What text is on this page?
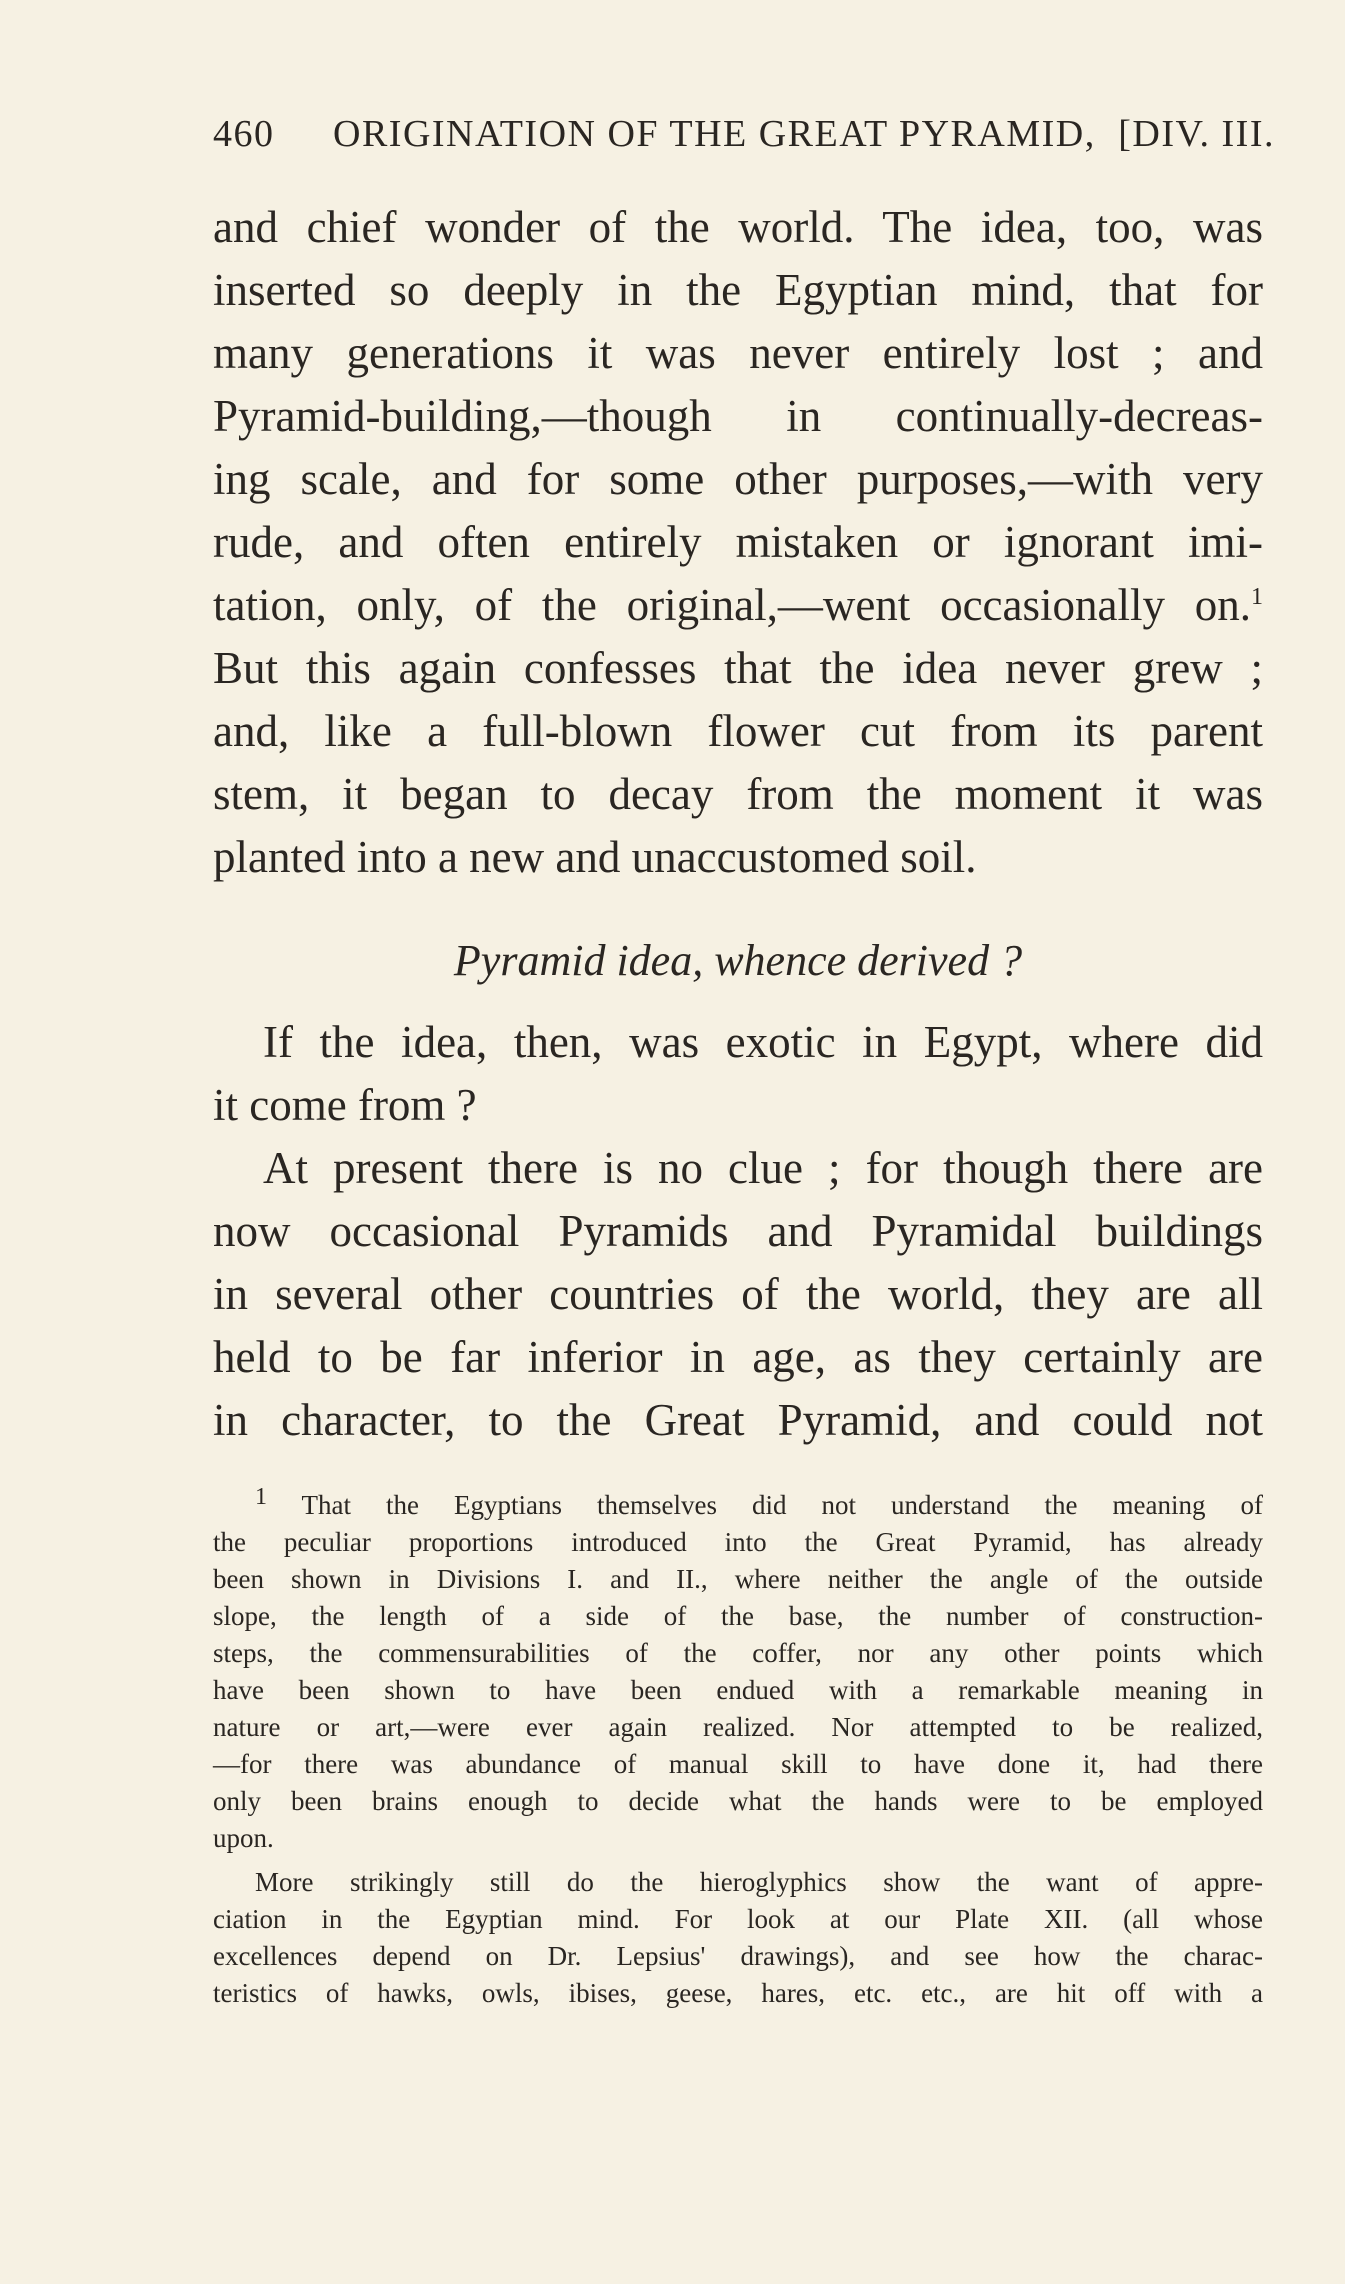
460 ORIGINATION OF THE GREAT PYRAMID, [DIV. III.
and chief wonder of the world. The idea, too, was
inserted so deeply in the Egyptian mind, that for
many generations it was never entirely lost ; and
Pyramid-building,—though in continually-decreas-
ing scale, and for some other purposes,—with very
rude, and often entirely mistaken or ignorant imi-
tation, only, of the original,—went occasionally on.$^1$
But this again confesses that the idea never grew ;
and, like a full-blown flower cut from its parent
stem, it began to decay from the moment it was
planted into a new and unaccustomed soil.
Pyramid idea, whence derived ?
If the idea, then, was exotic in Egypt, where did
it come from ?
At present there is no clue ; for though there are
now occasional Pyramids and Pyramidal buildings
in several other countries of the world, they are all
held to be far inferior in age, as they certainly are
in character, to the Great Pyramid, and could not
1 That the Egyptians themselves did not understand the meaning of
the peculiar proportions introduced into the Great Pyramid, has already
been shown in Divisions I. and II., where neither the angle of the outside
slope, the length of a side of the base, the number of construction-
steps, the commensurabilities of the coffer, nor any other points which
have been shown to have been endued with a remarkable meaning in
nature or art,—were ever again realized. Nor attempted to be realized,
—for there was abundance of manual skill to have done it, had there
only been brains enough to decide what the hands were to be employed
upon.
More strikingly still do the hieroglyphics show the want of appre-
ciation in the Egyptian mind. For look at our Plate XII. (all whose
excellences depend on Dr. Lepsius' drawings), and see how the charac-
teristics of hawks, owls, ibises, geese, hares, etc. etc., are hit off with a
